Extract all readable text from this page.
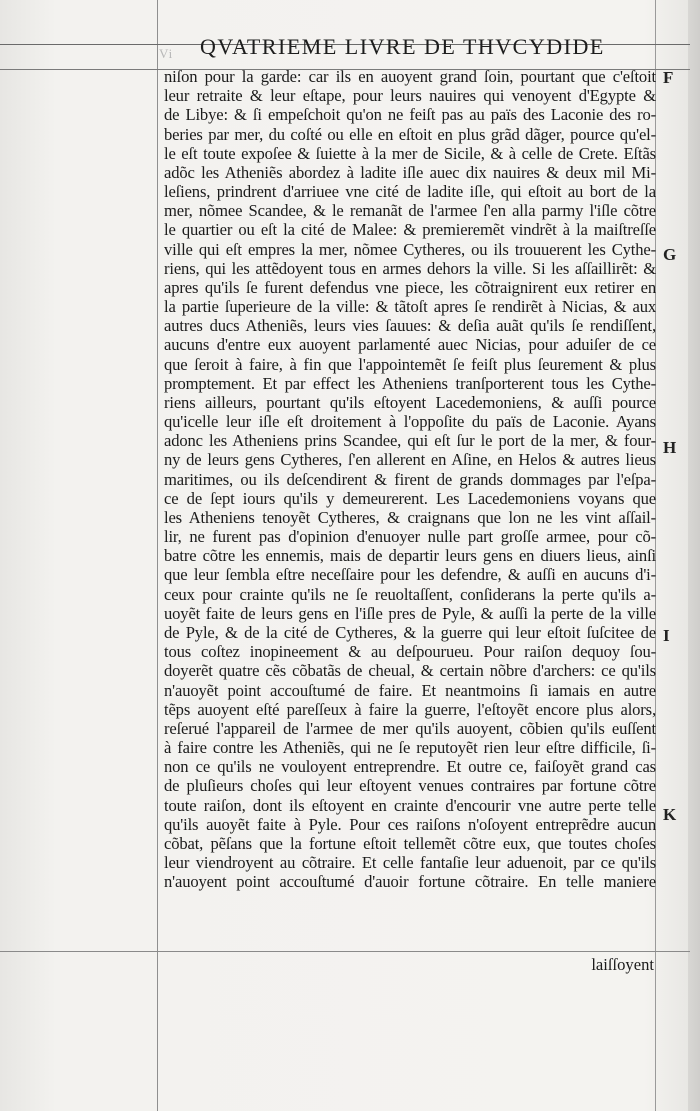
Vi QVATRIEME LIVRE DE THVCYDIDE
niſon pour la garde: car ils en auoyent grand ſoin, pourtant que c'eſtoit
leur retraite & leur eſtape, pour leurs nauires qui venoyent d'Egypte &
de Libye: & ſi empeſchoit qu'on ne feiſt pas au païs des Laconie des ro-
beries par mer, du coſté ou elle en eſtoit en plus grãd dãger, pource qu'el-
le eſt toute expoſee & ſuiette à la mer de Sicile, & à celle de Crete. Eſtãs
adõc les Atheniẽs abordez à ladite iſle auec dix nauires & deux mil Mi-
leſiens, prindrent d'arriuee vne cité de ladite iſle, qui eſtoit au bort de la
mer, nõmee Scandee, & le remanãt de l'armee ſ'en alla parmy l'iſle cõtre
le quartier ou eſt la cité de Malee: & premieremẽt vindrẽt à la maiſtreſſe
ville qui eſt empres la mer, nõmee Cytheres, ou ils trouuerent les Cythe-
riens, qui les attẽdoyent tous en armes dehors la ville. Si les aſſaillirẽt: &
apres qu'ils ſe furent defendus vne piece, les cõtraignirent eux retirer en
la partie ſuperieure de la ville: & tãtoſt apres ſe rendirẽt à Nicias, & aux
autres ducs Atheniẽs, leurs vies ſauues: & deſia auãt qu'ils ſe rendiſſent,
aucuns d'entre eux auoyent parlamenté auec Nicias, pour aduiſer de ce
que ſeroit à faire, à fin que l'appointemẽt ſe feiſt plus ſeurement & plus
promptement. Et par effect les Atheniens tranſporterent tous les Cythe-
riens ailleurs, pourtant qu'ils eſtoyent Lacedemoniens, & auſſi pource
qu'icelle leur iſle eſt droitement à l'oppoſite du païs de Laconie. Ayans
adonc les Atheniens prins Scandee, qui eſt ſur le port de la mer, & four-
ny de leurs gens Cytheres, ſ'en allerent en Aſine, en Helos & autres lieus
maritimes, ou ils deſcendirent & firent de grands dommages par l'eſpa-
ce de ſept iours qu'ils y demeurerent. Les Lacedemoniens voyans que
les Atheniens tenoyẽt Cytheres, & craignans que lon ne les vint aſſail-
lir, ne furent pas d'opinion d'enuoyer nulle part groſſe armee, pour cõ-
batre cõtre les ennemis, mais de departir leurs gens en diuers lieus, ainſi
que leur ſembla eſtre neceſſaire pour les defendre, & auſſi en aucuns d'i-
ceux pour crainte qu'ils ne ſe reuoltaſſent, conſiderans la perte qu'ils a-
uoyẽt faite de leurs gens en l'iſle pres de Pyle, & auſſi la perte de la ville
de Pyle, & de la cité de Cytheres, & la guerre qui leur eſtoit ſuſcitee de
tous coſtez inopineement & au deſpourueu. Pour raiſon dequoy ſou-
doyerẽt quatre cẽs cõbatãs de cheual, & certain nõbre d'archers: ce qu'ils
n'auoyẽt point accouſtumé de faire. Et neantmoins ſi iamais en autre
tẽps auoyent eſté pareſſeux à faire la guerre, l'eſtoyẽt encore plus alors,
reſerué l'appareil de l'armee de mer qu'ils auoyent, cõbien qu'ils euſſent
à faire contre les Atheniẽs, qui ne ſe reputoyẽt rien leur eſtre difficile, ſi-
non ce qu'ils ne vouloyent entreprendre. Et outre ce, faiſoyẽt grand cas
de pluſieurs choſes qui leur eſtoyent venues contraires par fortune cõtre
toute raiſon, dont ils eſtoyent en crainte d'encourir vne autre perte telle
qu'ils auoyẽt faite à Pyle. Pour ces raiſons n'oſoyent entreprẽdre aucun
cõbat, pẽſans que la fortune eſtoit tellemẽt cõtre eux, que toutes choſes
leur viendroyent au cõtraire. Et celle fantaſie leur aduenoit, par ce qu'ils
n'auoyent point accouſtumé d'auoir fortune cõtraire. En telle maniere
laiſſoyent
F
G
H
I
K
